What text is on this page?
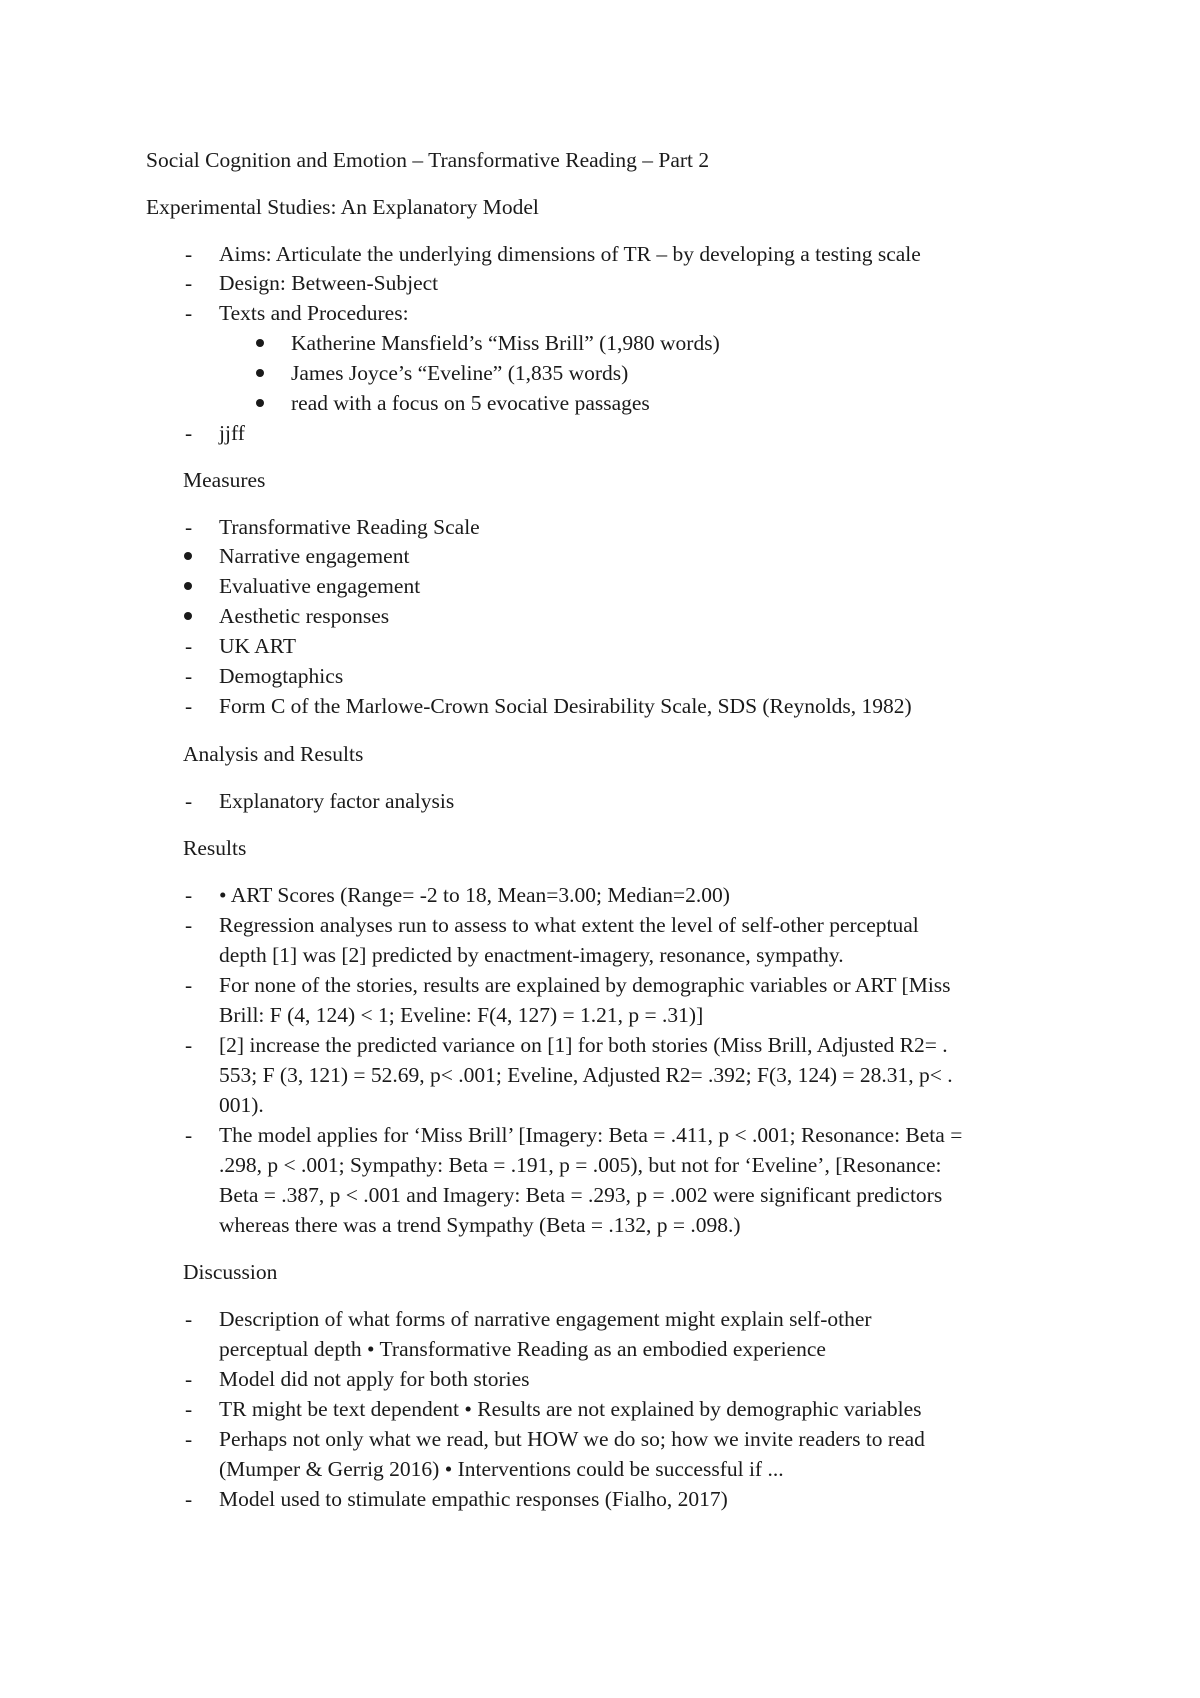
Social Cognition and Emotion – Transformative Reading – Part 2
Experimental Studies: An Explanatory Model
-	Aims: Articulate the underlying dimensions of TR – by developing a testing scale
-	Design: Between-Subject
-	Texts and Procedures:
Katherine Mansfield’s “Miss Brill” (1,980 words)
James Joyce’s “Eveline” (1,835 words)
read with a focus on 5 evocative passages
-	jjff
Measures
-	Transformative Reading Scale
Narrative engagement
Evaluative engagement
Aesthetic responses
-	UK ART
-	Demogtaphics
-	Form C of the Marlowe-Crown Social Desirability Scale, SDS (Reynolds, 1982)
Analysis and Results
-	Explanatory factor analysis
Results
-	• ART Scores (Range= -2 to 18, Mean=3.00; Median=2.00)
-	Regression analyses run to assess to what extent the level of self-other perceptual
depth [1] was [2] predicted by enactment-imagery, resonance, sympathy.
-	For none of the stories, results are explained by demographic variables or ART [Miss
Brill: F (4, 124) < 1; Eveline: F(4, 127) = 1.21, p = .31)]
-	[2] increase the predicted variance on [1] for both stories (Miss Brill, Adjusted R2= .
553; F (3, 121) = 52.69, p< .001; Eveline, Adjusted R2= .392; F(3, 124) = 28.31, p< .
001).
-	The model applies for ‘Miss Brill’ [Imagery: Beta = .411, p < .001; Resonance: Beta =
.298, p < .001; Sympathy: Beta = .191, p = .005), but not for ‘Eveline’, [Resonance:
Beta = .387, p < .001 and Imagery: Beta = .293, p = .002 were significant predictors
whereas there was a trend Sympathy (Beta = .132, p = .098.)
Discussion
-	Description of what forms of narrative engagement might explain self-other
perceptual depth • Transformative Reading as an embodied experience
-	Model did not apply for both stories
-	TR might be text dependent • Results are not explained by demographic variables
-	Perhaps not only what we read, but HOW we do so; how we invite readers to read
(Mumper & Gerrig 2016) • Interventions could be successful if ...
-	Model used to stimulate empathic responses (Fialho, 2017)
